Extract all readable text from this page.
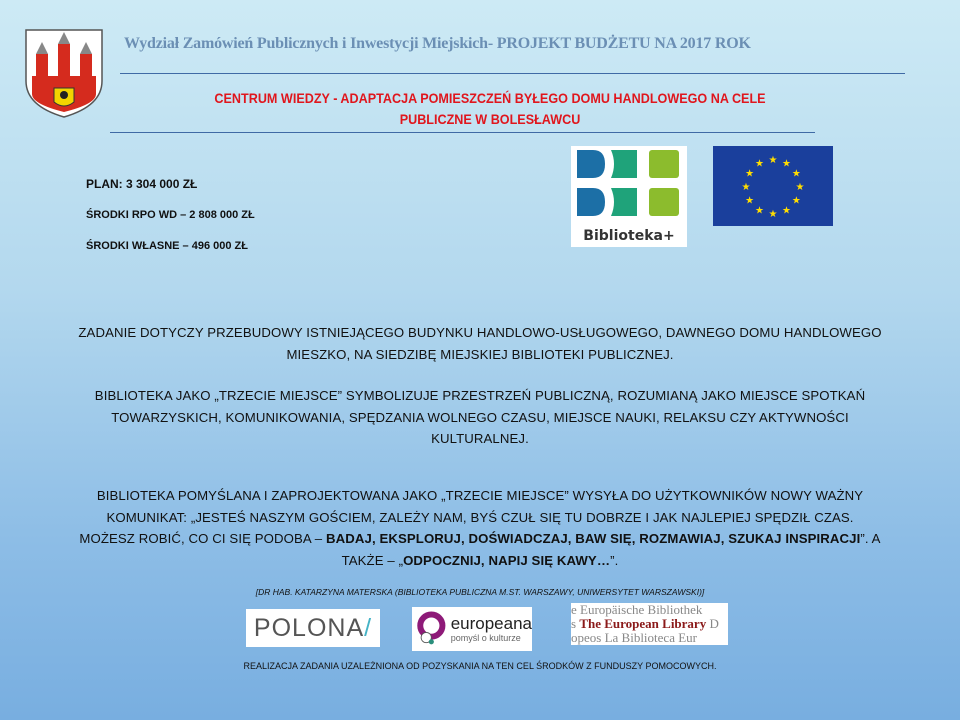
Wydział Zamówień Publicznych i Inwestycji Miejskich- PROJEKT BUDŻETU NA 2017 ROK
CENTRUM WIEDZY - ADAPTACJA POMIESZCZEŃ BYŁEGO DOMU HANDLOWEGO NA CELE
PUBLICZNE W BOLESŁAWCU
PLAN: 3 304 000 ZŁ
ŚRODKI RPO WD – 2 808 000 ZŁ
ŚRODKI WŁASNE – 496 000 ZŁ
Biblioteka+
★ ★
★
★
★
★
★
★
★
★
★
★
ZADANIE DOTYCZY PRZEBUDOWY ISTNIEJĄCEGO BUDYNKU HANDLOWO-USŁUGOWEGO, DAWNEGO DOMU HANDLOWEGO MIESZKO, NA SIEDZIBĘ MIEJSKIEJ BIBLIOTEKI PUBLICZNEJ.
BIBLIOTEKA JAKO „TRZECIE MIEJSCE” SYMBOLIZUJE PRZESTRZEŃ PUBLICZNĄ, ROZUMIANĄ JAKO MIEJSCE SPOTKAŃ TOWARZYSKICH, KOMUNIKOWANIA, SPĘDZANIA WOLNEGO CZASU, MIEJSCE NAUKI, RELAKSU CZY AKTYWNOŚCI KULTURALNEJ.
BIBLIOTEKA POMYŚLANA I ZAPROJEKTOWANA JAKO „TRZECIE MIEJSCE” WYSYŁA DO UŻYTKOWNIKÓW NOWY WAŻNY KOMUNIKAT: „JESTEŚ NASZYM GOŚCIEM, ZALEŻY NAM, BYŚ CZUŁ SIĘ TU DOBRZE I JAK NAJLEPIEJ SPĘDZIŁ CZAS. MOŻESZ ROBIĆ, CO CI SIĘ PODOBA – BADAJ, EKSPLORUJ, DOŚWIADCZAJ, BAW SIĘ, ROZMAWIAJ, SZUKAJ INSPIRACJI”. A TAKŻE – „ODPOCZNIJ, NAPIJ SIĘ KAWY…”.
[DR HAB. KATARZYNA MATERSKA (BIBLIOTEKA PUBLICZNA M.ST. WARSZAWY, UNIWERSYTET WARSZAWSKI)]
POLONA /	europeana
pomyśl o kulturze
e Europäische Bibliothek
s The European Library D
opeos La Biblioteca Eur
REALIZACJA ZADANIA UZALEŻNIONA OD POZYSKANIA NA TEN CEL ŚRODKÓW Z FUNDUSZY POMOCOWYCH.
